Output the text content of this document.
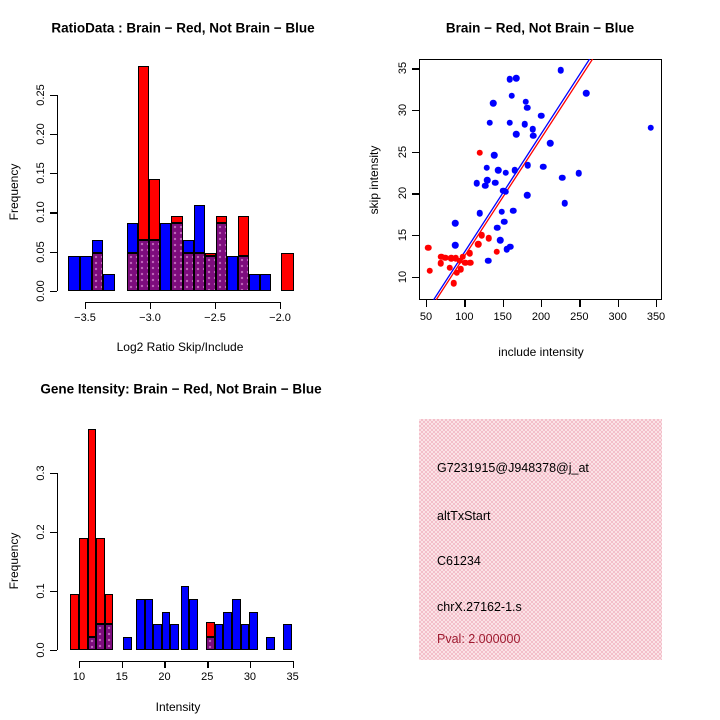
RatioData : Brain − Red, Not Brain − Blue
Log2 Ratio Skip/Include
Frequency
−3.5	−3.0	−2.5	−2.0
0.00
0.05
0.10
0.15
0.20
0.25
Brain − Red, Not Brain − Blue
include intensity
skip intensity
50 100 150 200 250 300 350
10
15
20
25
30
35
Gene Itensity: Brain − Red, Not Brain − Blue
Intensity
Frequency
10	15	20	25	30	35
0.0
0.1
0.2
0.3	G7231915@J948378@j_at
altTxStart
C61234
chrX.27162-1.s
Pval: 2.000000
